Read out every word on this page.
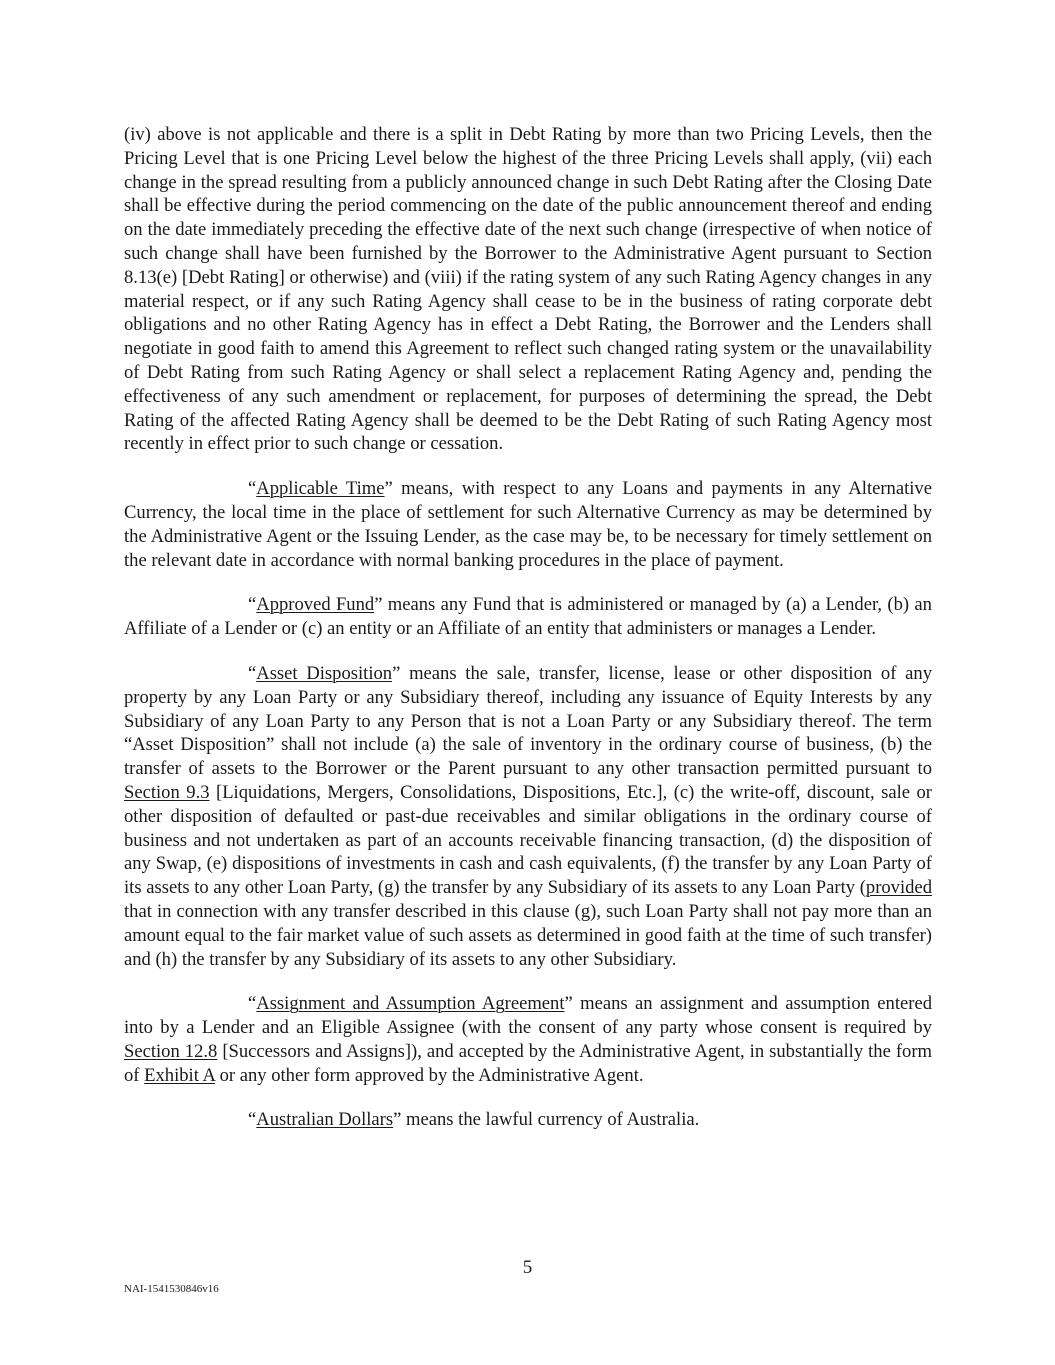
(iv) above is not applicable and there is a split in Debt Rating by more than two Pricing Levels, then the Pricing Level that is one Pricing Level below the highest of the three Pricing Levels shall apply, (vii) each change in the spread resulting from a publicly announced change in such Debt Rating after the Closing Date shall be effective during the period commencing on the date of the public announcement thereof and ending on the date immediately preceding the effective date of the next such change (irrespective of when notice of such change shall have been furnished by the Borrower to the Administrative Agent pursuant to Section 8.13(e) [Debt Rating] or otherwise) and (viii) if the rating system of any such Rating Agency changes in any material respect, or if any such Rating Agency shall cease to be in the business of rating corporate debt obligations and no other Rating Agency has in effect a Debt Rating, the Borrower and the Lenders shall negotiate in good faith to amend this Agreement to reflect such changed rating system or the unavailability of Debt Rating from such Rating Agency or shall select a replacement Rating Agency and, pending the effectiveness of any such amendment or replacement, for purposes of determining the spread, the Debt Rating of the affected Rating Agency shall be deemed to be the Debt Rating of such Rating Agency most recently in effect prior to such change or cessation.

“Applicable Time” means, with respect to any Loans and payments in any Alternative Currency, the local time in the place of settlement for such Alternative Currency as may be determined by the Administrative Agent or the Issuing Lender, as the case may be, to be necessary for timely settlement on the relevant date in accordance with normal banking procedures in the place of payment.

“Approved Fund” means any Fund that is administered or managed by (a) a Lender, (b) an Affiliate of a Lender or (c) an entity or an Affiliate of an entity that administers or manages a Lender.

“Asset Disposition” means the sale, transfer, license, lease or other disposition of any property by any Loan Party or any Subsidiary thereof, including any issuance of Equity Interests by any Subsidiary of any Loan Party to any Person that is not a Loan Party or any Subsidiary thereof. The term “Asset Disposition” shall not include (a) the sale of inventory in the ordinary course of business, (b) the transfer of assets to the Borrower or the Parent pursuant to any other transaction permitted pursuant to Section 9.3 [Liquidations, Mergers, Consolidations, Dispositions, Etc.], (c) the write-off, discount, sale or other disposition of defaulted or past-due receivables and similar obligations in the ordinary course of business and not undertaken as part of an accounts receivable financing transaction, (d) the disposition of any Swap, (e) dispositions of investments in cash and cash equivalents, (f) the transfer by any Loan Party of its assets to any other Loan Party, (g) the transfer by any Subsidiary of its assets to any Loan Party (provided that in connection with any transfer described in this clause (g), such Loan Party shall not pay more than an amount equal to the fair market value of such assets as determined in good faith at the time of such transfer) and (h) the transfer by any Subsidiary of its assets to any other Subsidiary.

“Assignment and Assumption Agreement” means an assignment and assumption entered into by a Lender and an Eligible Assignee (with the consent of any party whose consent is required by Section 12.8 [Successors and Assigns]), and accepted by the Administrative Agent, in substantially the form of Exhibit A or any other form approved by the Administrative Agent.

“Australian Dollars” means the lawful currency of Australia.

5
NAI-1541530846v16
